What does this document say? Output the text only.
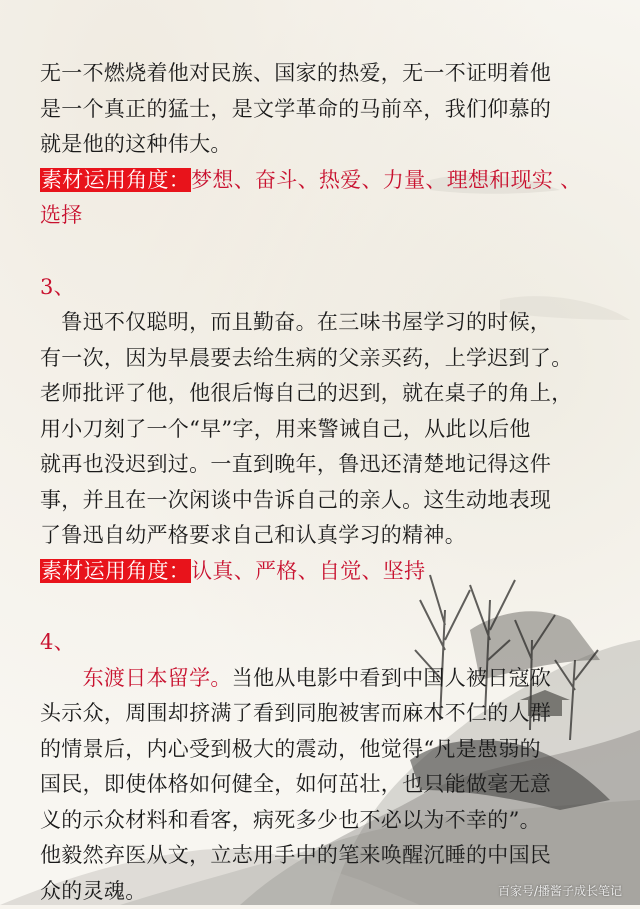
无一不燃烧着他对民族、国家的热爱，无一不证明着他
是一个真正的猛士，是文学革命的马前卒，我们仰慕的
就是他的这种伟大。
素材运用角度：梦想、奋斗、热爱、力量、理想和现实 、
选择
3、
　鲁迅不仅聪明，而且勤奋。在三味书屋学习的时候，
有一次，因为早晨要去给生病的父亲买药，上学迟到了。
老师批评了他，他很后悔自己的迟到，就在桌子的角上，
用小刀刻了一个“早”字，用来警诫自己，从此以后他
就再也没迟到过。一直到晚年，鲁迅还清楚地记得这件
事，并且在一次闲谈中告诉自己的亲人。这生动地表现
了鲁迅自幼严格要求自己和认真学习的精神。
素材运用角度：认真、严格、自觉、坚持
4、
　　东渡日本留学。当他从电影中看到中国人被日寇砍
头示众，周围却挤满了看到同胞被害而麻木不仁的人群
的情景后，内心受到极大的震动，他觉得“凡是愚弱的
国民，即使体格如何健全，如何茁壮，也只能做毫无意
义的示众材料和看客，病死多少也不必以为不幸的”。
他毅然弃医从文，立志用手中的笔来唤醒沉睡的中国民
众的灵魂。	百家号/播酱子成长笔记
